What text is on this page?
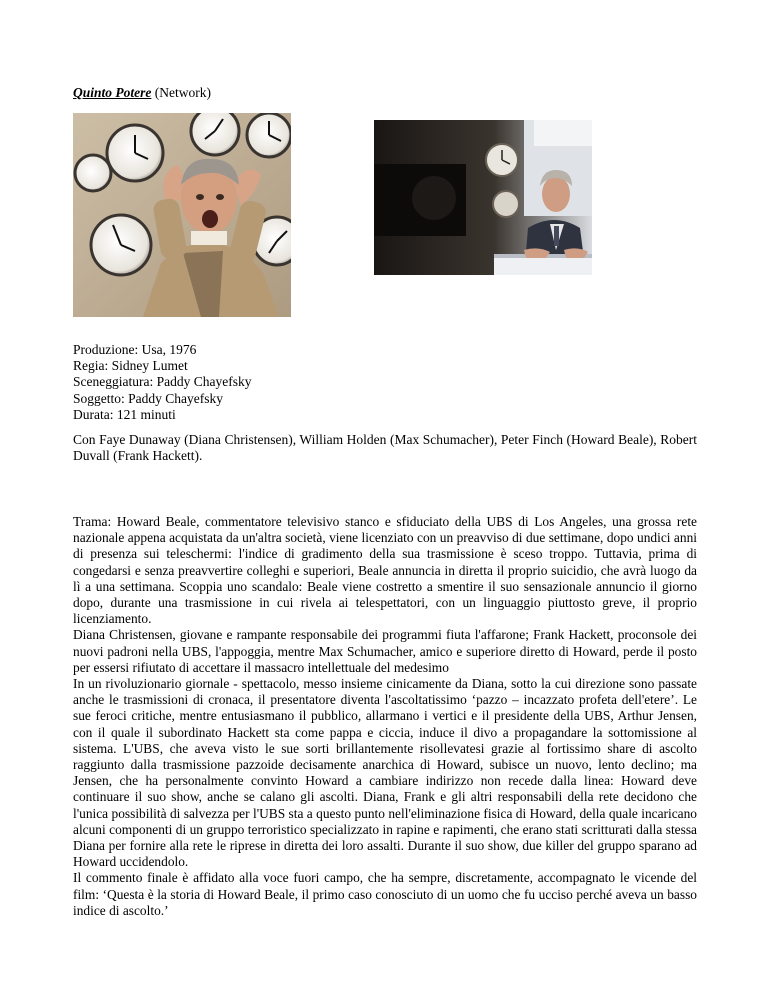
Quinto Potere (Network)
Produzione: Usa, 1976
Regia: Sidney Lumet
Sceneggiatura: Paddy Chayefsky
Soggetto: Paddy Chayefsky
Durata: 121 minuti
Con Faye Dunaway (Diana Christensen), William Holden (Max Schumacher), Peter Finch (Howard Beale), Robert Duvall (Frank Hackett).

Trama: Howard Beale, commentatore televisivo stanco e sfiduciato della UBS di Los Angeles, una grossa rete nazionale appena acquistata da un'altra società, viene licenziato con un preavviso di due settimane, dopo undici anni di presenza sui teleschermi: l'indice di gradimento della sua trasmissione è sceso troppo. Tuttavia, prima di congedarsi e senza preavvertire colleghi e superiori, Beale annuncia in diretta il proprio suicidio, che avrà luogo da lì a una settimana. Scoppia uno scandalo: Beale viene costretto a smentire il suo sensazionale annuncio il giorno dopo, durante una trasmissione in cui rivela ai telespettatori, con un linguaggio piuttosto greve, il proprio licenziamento.

Diana Christensen, giovane e rampante responsabile dei programmi fiuta l'affarone; Frank Hackett, proconsole dei nuovi padroni nella UBS, l'appoggia, mentre Max Schumacher, amico e superiore diretto di Howard, perde il posto per essersi rifiutato di accettare il massacro intellettuale del medesimo

In un rivoluzionario giornale - spettacolo, messo insieme cinicamente da Diana, sotto la cui direzione sono passate anche le trasmissioni di cronaca, il presentatore diventa l'ascoltatissimo ‘pazzo – incazzato profeta dell'etere’. Le sue feroci critiche, mentre entusiasmano il pubblico, allarmano i vertici e il presidente della UBS, Arthur Jensen, con il quale il subordinato Hackett sta come pappa e ciccia, induce il divo a propagandare la sottomissione al sistema. L'UBS, che aveva visto le sue sorti brillantemente risollevatesi grazie al fortissimo share di ascolto raggiunto dalla trasmissione pazzoide decisamente anarchica di Howard, subisce un nuovo, lento declino; ma Jensen, che ha personalmente convinto Howard a cambiare indirizzo non recede dalla linea: Howard deve continuare il suo show, anche se calano gli ascolti. Diana, Frank e gli altri responsabili della rete decidono che l'unica possibilità di salvezza per l'UBS sta a questo punto nell'eliminazione fisica di Howard, della quale incaricano alcuni componenti di un gruppo terroristico specializzato in rapine e rapimenti, che erano stati scritturati dalla stessa Diana per fornire alla rete le riprese in diretta dei loro assalti. Durante il suo show, due killer del gruppo sparano ad Howard uccidendolo.

Il commento finale è affidato alla voce fuori campo, che ha sempre, discretamente, accompagnato le vicende del film: ‘Questa è la storia di Howard Beale, il primo caso conosciuto di un uomo che fu ucciso perché aveva un basso indice di ascolto.’
